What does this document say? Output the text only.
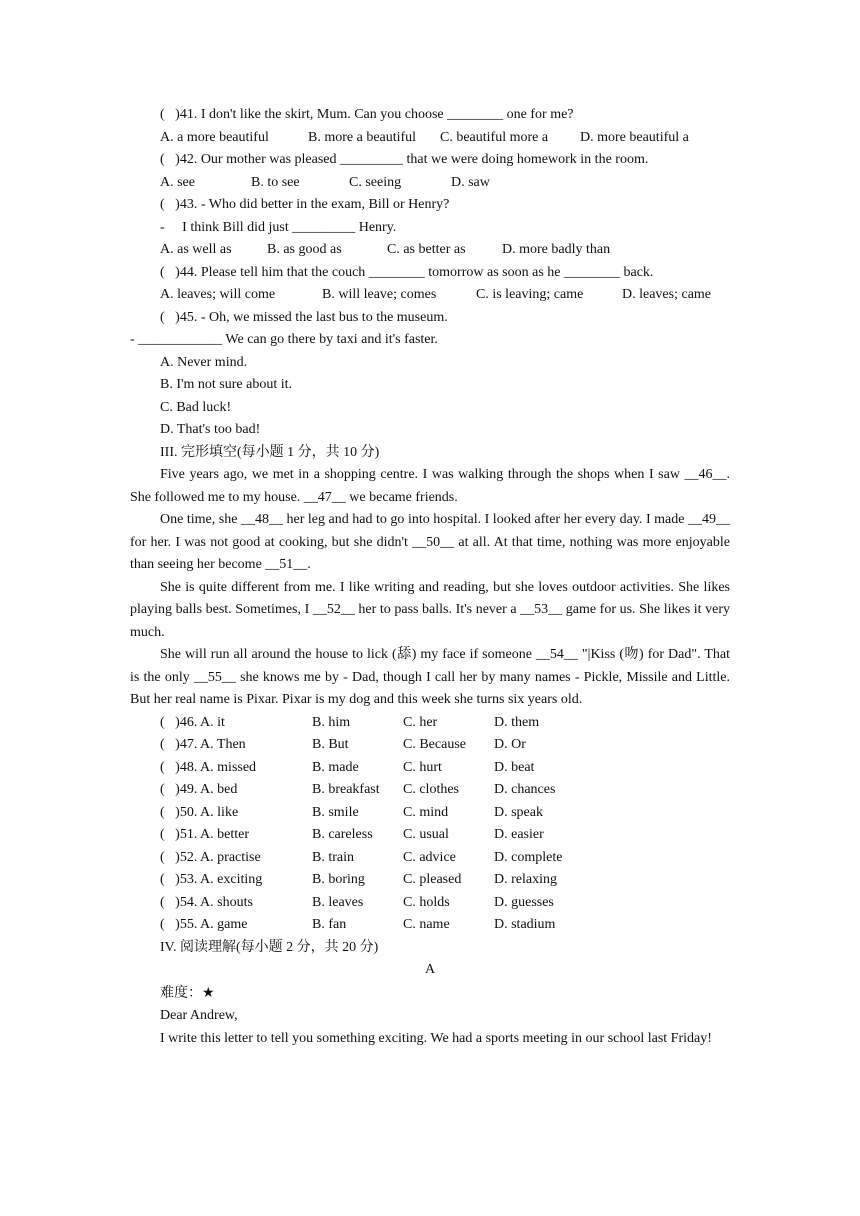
(   )41. I don't like the skirt, Mum. Can you choose ________ one for me?
A. a more beautiful	B. more a beautiful	C. beautiful more a	D. more beautiful a
(   )42. Our mother was pleased _________ that we were doing homework in the room.
A. see	B. to see	C. seeing	D. saw
(   )43. - Who did better in the exam, Bill or Henry?
-     I think Bill did just _________ Henry.
A. as well as	B. as good as	C. as better as	D. more badly than
(   )44. Please tell him that the couch ________ tomorrow as soon as he ________ back.
A. leaves; will come	B. will leave; comes	C. is leaving; came	D. leaves; came
(   )45. - Oh, we missed the last bus to the museum.
- ____________ We can go there by taxi and it's faster.
A. Never mind.
B. I'm not sure about it.
C. Bad luck!
D. That's too bad!
III. 完形填空(每小题 1 分，共 10 分)
Five years ago, we met in a shopping centre. I was walking through the shops when I saw __46__. She followed me to my house. __47__ we became friends.
One time, she __48__ her leg and had to go into hospital. I looked after her every day. I made __49__ for her. I was not good at cooking, but she didn't __50__ at all. At that time, nothing was more enjoyable than seeing her become __51__.
She is quite different from me. I like writing and reading, but she loves outdoor activities. She likes playing balls best. Sometimes, I __52__ her to pass balls. It's never a __53__ game for us. She likes it very much.
She will run all around the house to lick (舔) my face if someone __54__ "|Kiss (吻) for Dad". That is the only __55__ she knows me by - Dad, though I call her by many names - Pickle, Missile and Little. But her real name is Pixar. Pixar is my dog and this week she turns six years old.
(   )46. A. it	B. him	C. her	D. them
(   )47. A. Then	B. But	C. Because	D. Or
(   )48. A. missed	B. made	C. hurt	D. beat
(   )49. A. bed	B. breakfast	C. clothes	D. chances
(   )50. A. like	B. smile	C. mind	D. speak
(   )51. A. better	B. careless	C. usual	D. easier
(   )52. A. practise	B. train	C. advice	D. complete
(   )53. A. exciting	B. boring	C. pleased	D. relaxing
(   )54. A. shouts	B. leaves	C. holds	D. guesses
(   )55. A. game	B. fan	C. name	D. stadium
IV. 阅读理解(每小题 2 分，共 20 分)
A
难度：★
Dear Andrew,
I write this letter to tell you something exciting. We had a sports meeting in our school last Friday!
